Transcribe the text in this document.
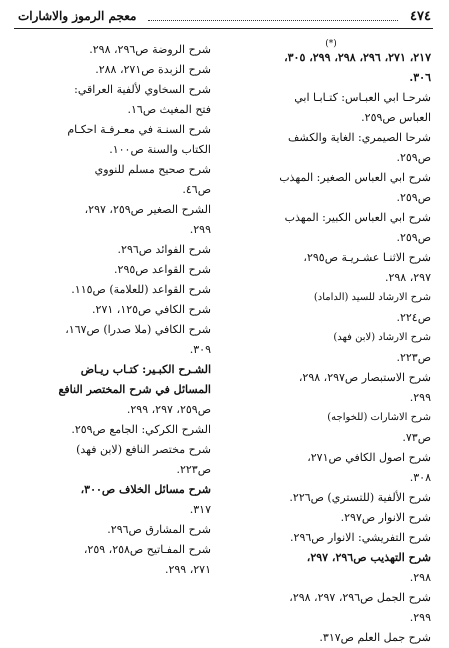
٤٧٤
معجم الرموز والاشارات
(*)
٢١٧، ٢٧١، ٢٩٦، ٢٩٨، ٢٩٩، ٣٠٥،
٣٠٦.
شرحـا ابي العبـاس: كتـابـا ابي
العباس ص٢٥٩.
شرحا الصيمري: الغاية والكشف
ص٢٥٩.
شرح ابي العباس الصغير: المهذب
ص٢٥٩.
شرح ابي العباس الكبير: المهذب
ص٢٥٩.
شرح الاثنـا عشـريـة ص٢٩٥،
٢٩٧، ٢٩٨.
شرح الارشاد للسيد (الداماد)
ص٢٢٤.
شرح الارشاد (لابن فهد)
ص٢٢٣.
شرح الاستبصار ص٢٩٧، ٢٩٨،
٢٩٩.
شرح الاشارات (للخواجه)
ص٧٣.
شرح اصول الكافي ص٢٧١،
٣٠٨.
شرح الألفية (للتستري) ص٢٢٦.
شرح الانوار ص٢٩٧.
شرح التفريشي: الانوار ص٢٩٦.
شرح التهذيب ص٢٩٦، ٢٩٧،
٢٩٨.
شرح الجمل ص٢٩٦، ٢٩٧، ٢٩٨،
٢٩٩.
شرح جمل العلم ص٣١٧.
شرح الروضة ص٢٩٦، ٢٩٨.
شرح الزبدة ص٢٧١، ٢٨٨.
شرح السخاوي لألفية العراقي:
فتح المغيث ص١٦.
شرح السنـة في معـرفـة احكـام
الكتاب والسنة ص١٠٠.
شرح صحيح مسلم للنووي
ص٤٦.
الشرح الصغير ص٢٥٩، ٢٩٧،
٢٩٩.
شرح الفوائد ص٢٩٦.
شرح القواعد ص٢٩٥.
شرح القواعد (للعلامة) ص١١٥.
شرح الكافي ص١٢٥، ٢٧١.
شرح الكافي (ملا صدرا) ص١٦٧،
٣٠٩.
الشـرح الكبـير: كتـاب ريـاض
المسائل في شرح المختصر النافع
ص٢٥٩، ٢٩٧، ٢٩٩.
الشرح الكركي: الجامع ص٢٥٩.
شرح مختصر النافع (لابن فهد)
ص٢٢٣.
شرح مسائل الخلاف ص٣٠٠،
٣١٧.
شرح المشارق ص٢٩٦.
شرح المفـاتيح ص٢٥٨، ٢٥٩،
٢٧١، ٢٩٩.
